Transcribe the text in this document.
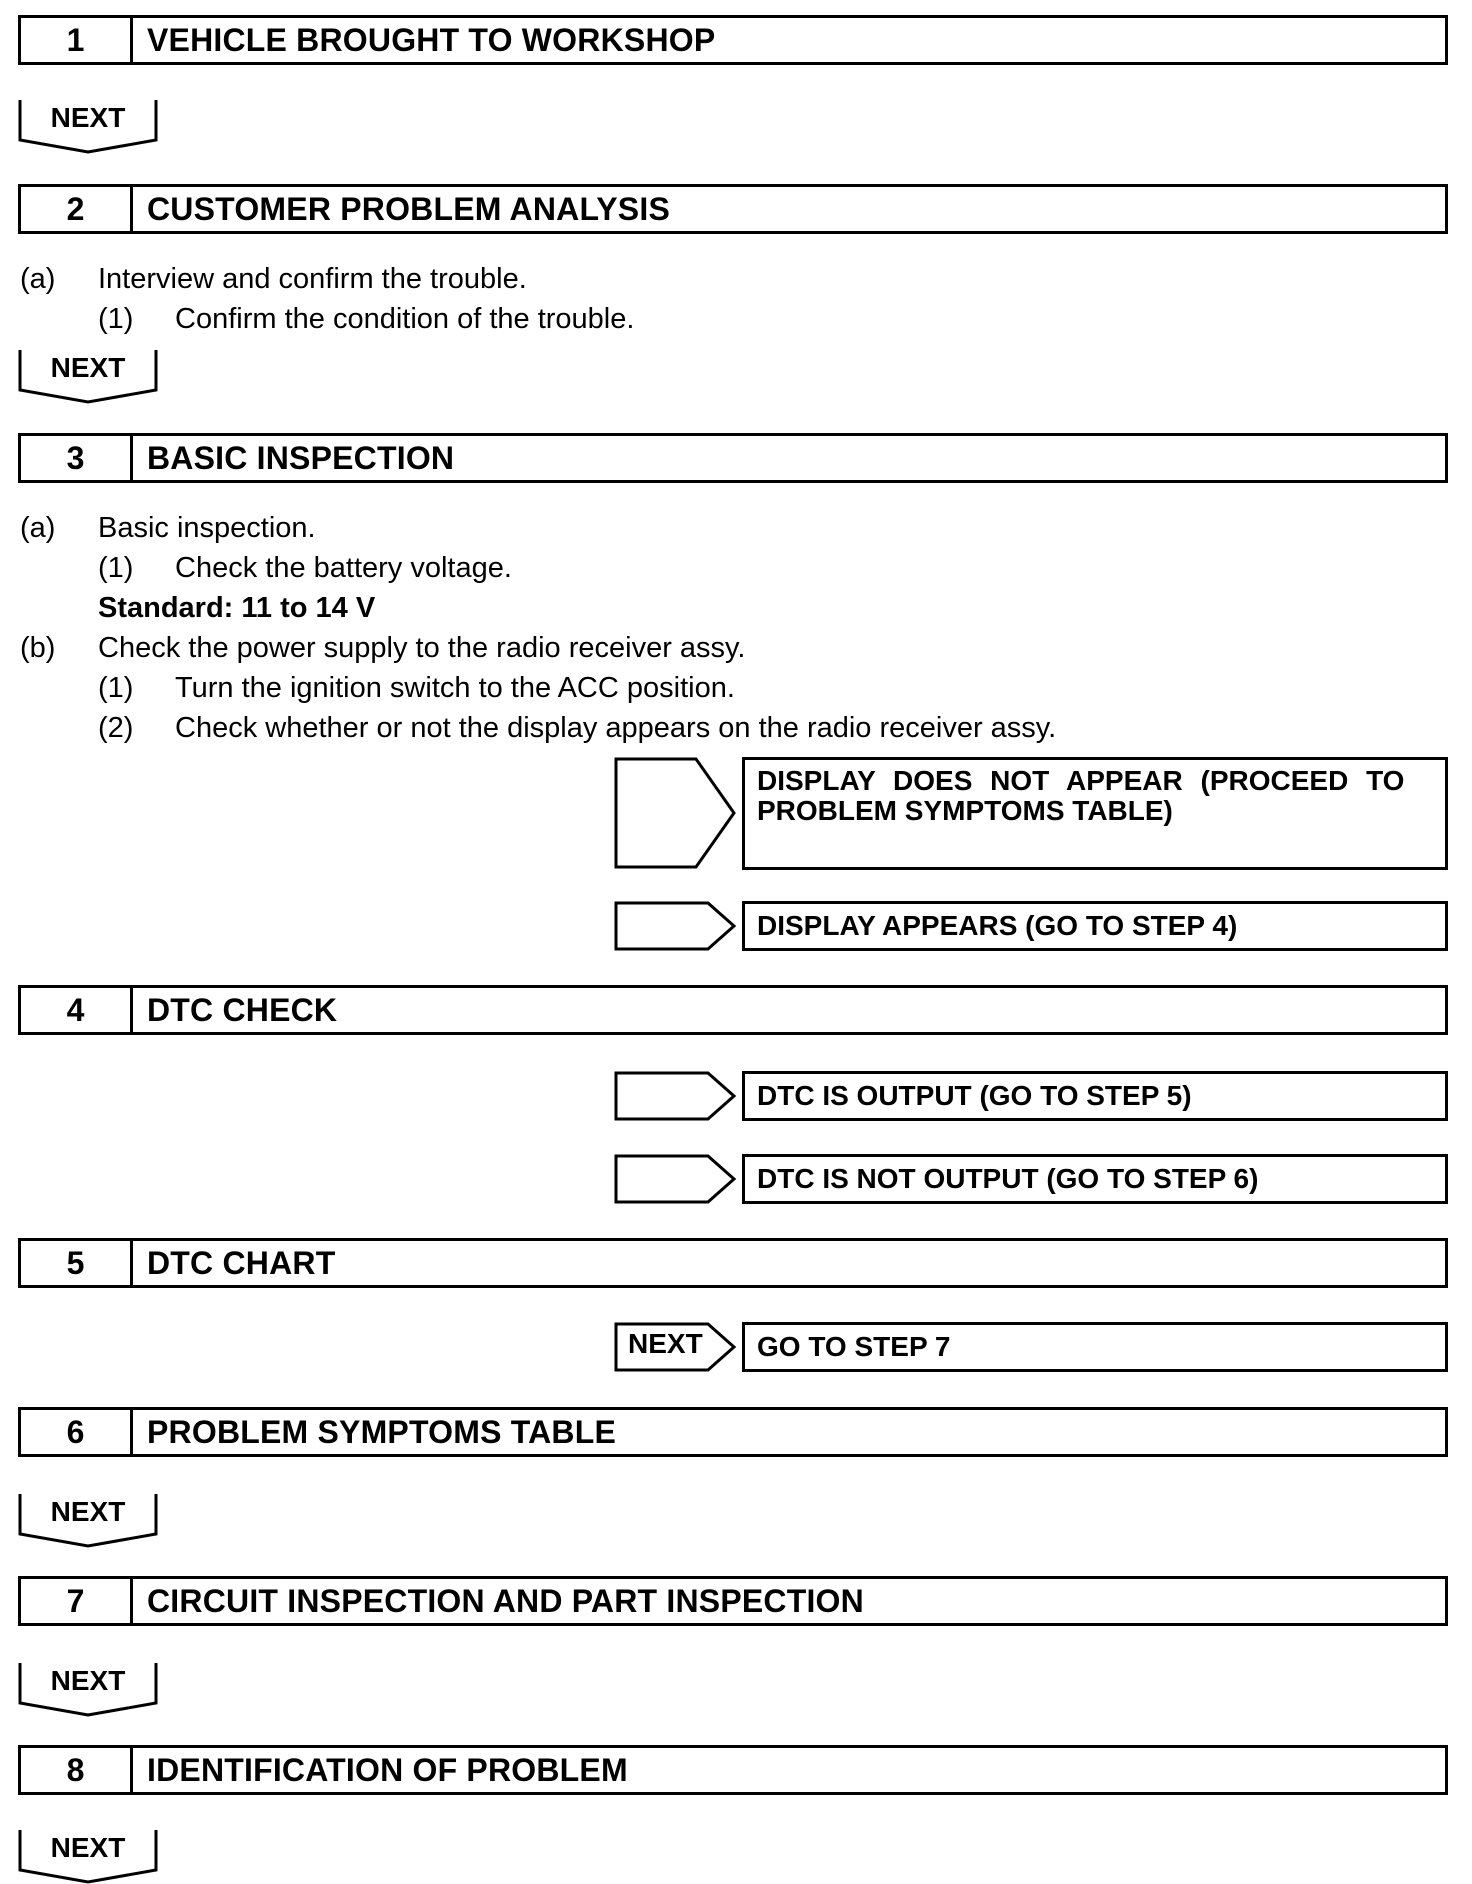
1	VEHICLE BROUGHT TO WORKSHOP
NEXT
2	CUSTOMER PROBLEM ANALYSIS
(a) Interview and confirm the trouble.
(1) Confirm the condition of the trouble.
NEXT
3	BASIC INSPECTION
(a) Basic inspection.
(1) Check the battery voltage.
Standard: 11 to 14 V
(b) Check the power supply to the radio receiver assy.
(1) Turn the ignition switch to the ACC position.
(2) Check whether or not the display appears on the radio receiver assy.
DISPLAY DOES NOT APPEAR (PROCEED TO
PROBLEM SYMPTOMS TABLE)
DISPLAY APPEARS (GO TO STEP 4)
4	DTC CHECK
DTC IS OUTPUT (GO TO STEP 5)
DTC IS NOT OUTPUT (GO TO STEP 6)
5	DTC CHART
NEXT	GO TO STEP 7
6	PROBLEM SYMPTOMS TABLE
NEXT
7	CIRCUIT INSPECTION AND PART INSPECTION
NEXT
8	IDENTIFICATION OF PROBLEM
NEXT
